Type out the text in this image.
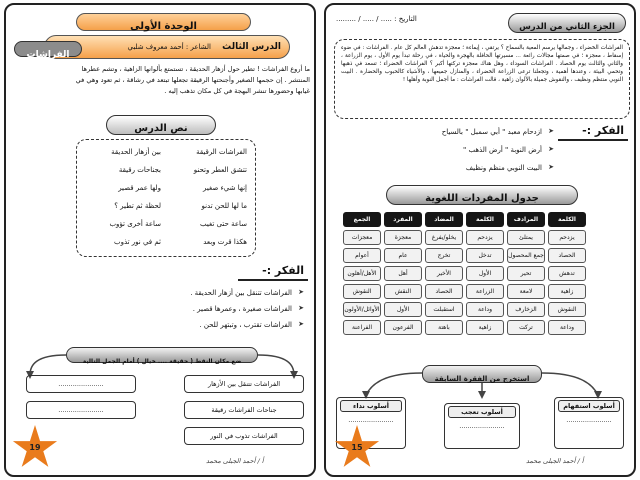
الوحدة الأولى
الدرس الثالث
الشاعر : أحمد معروف شلبي
الفراشات
ما أروع الفراشات ! تطير حول أزهار الحديقة ، تستمتع بألوانها الزاهية ، وتشم عطرها
المنتشر . إن حجمها الصغير وأجنحتها الرقيقة تجعلها تبتعد في رشاقة ، ثم تعود وهي في
غيابها وحضورها تنشر البهجة في كل مكان تذهب إليه .
نص الدرس
الفراشات الرقيقة
بين أزهار الحديقة
تتشق العطر وتحنو
بجناحات رقيقة
إنها شيء صغير
ولها عمر قصير
ما لها للحن تدنو
لحظة ثم تطير ؟
ساعة حتى تغيب
ساعة أخرى تؤوب
هكذا قرت وبعد
ثم في نور تذوب
الفكر :-
الفراشات تتنقل بين أزهار الحديقة . ➤
الفراشات صغيرة ، وعمرها قصير . ➤
الفراشات تقترب ، وتبتهر للحن . ➤
ضع مكان النقط ( حقيقة .... خيال ) أمام الجمل التالية
الفراشات تتنقل بين الأزهار
......................
جناحات الفراشات رقيقة
......................
الفراشات تذوب في النور
19
أ / أحمد الجبلى محمد
التاريخ : ..... / ..... / .........
الجزء الثاني من الدرس
الفراشات الخضراء ، وجمالها يرسم المعية بالسماح ؟ يرتقي ، إيماءة ؛ معجزة تدهش العالم كل عام . الفراشات : في ضوء إسقاط ، معجزة ؛ في صمتها مجالات رائعة ... مسيرتها الحافلة بالهجرة والحياة ، في رحلة تبدأ يوم الأول ، يوم الزراعة ، والثاني والثالث يوم الحصاد . الفراشات السوداء ، وهل هناك معجزة تركتها أكبر ؟ الفراشات الخضراء ؛ تسعد في ذهبها وتحمي البيئة ، وعندها أهمية ، وتجعلنا ترعى الزراعة الخضراء ، والمنازل جميعها ، والأشياء كالحبوب والحضارة . البيت النوبي منتظم ونظيف ، والنقوش جميلة بالألوان زاهية ، قالت الفراشات : ما أجمل النوبة وأهلها !
الفكر :-
ازدحام معبد " أبي سمبل " بالسياح ➤
أرض النوبة " أرض الذهب " ➤
البيت النوبي منظم ونظيف ➤
جدول المفردات اللغوية
الكلمة	المرادف	الكلمة	المضاد	المفرد	الجمع
يزدحم	يمتلئ	يزدحم	يخلو/يفرغ	معجزة	معجزات
الحصاد	جمع المحصول	تدخل	تخرج	عام	أعوام
تدهش	تحير	الأول	الأخير	أهل	الأهل/أهلون
زاهية	لامعة	الزراعة	الحصاد	النقش	النقوش
النقوش	الزخارف	وداعة	استقبلت	الأول	الأوائل/الأولون
وداعة	تركت	زاهية	باهتة	الفرعون	الفراعنة
استخرج من الفقرة السابقة
أسلوب استفهام
......................
أسلوب تعجب
......................
أسلوب نداء
......................
15
أ / أحمد الجبلى محمد
